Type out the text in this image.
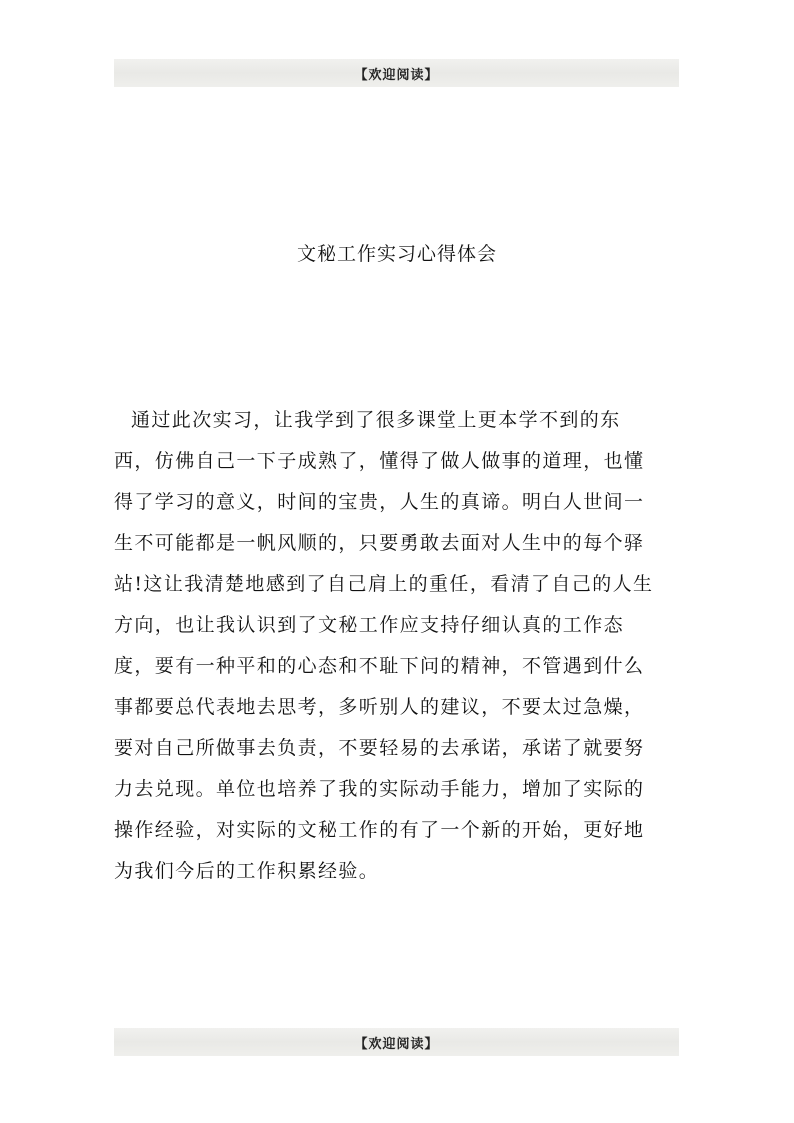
【欢迎阅读】
文秘工作实习心得体会
通过此次实习，让我学到了很多课堂上更本学不到的东
西，仿佛自己一下子成熟了，懂得了做人做事的道理，也懂
得了学习的意义，时间的宝贵，人生的真谛。明白人世间一
生不可能都是一帆风顺的，只要勇敢去面对人生中的每个驿
站!这让我清楚地感到了自己肩上的重任，看清了自己的人生
方向，也让我认识到了文秘工作应支持仔细认真的工作态
度，要有一种平和的心态和不耻下问的精神，不管遇到什么
事都要总代表地去思考，多听别人的建议，不要太过急燥，
要对自己所做事去负责，不要轻易的去承诺，承诺了就要努
力去兑现。单位也培养了我的实际动手能力，增加了实际的
操作经验，对实际的文秘工作的有了一个新的开始，更好地
为我们今后的工作积累经验。
【欢迎阅读】
